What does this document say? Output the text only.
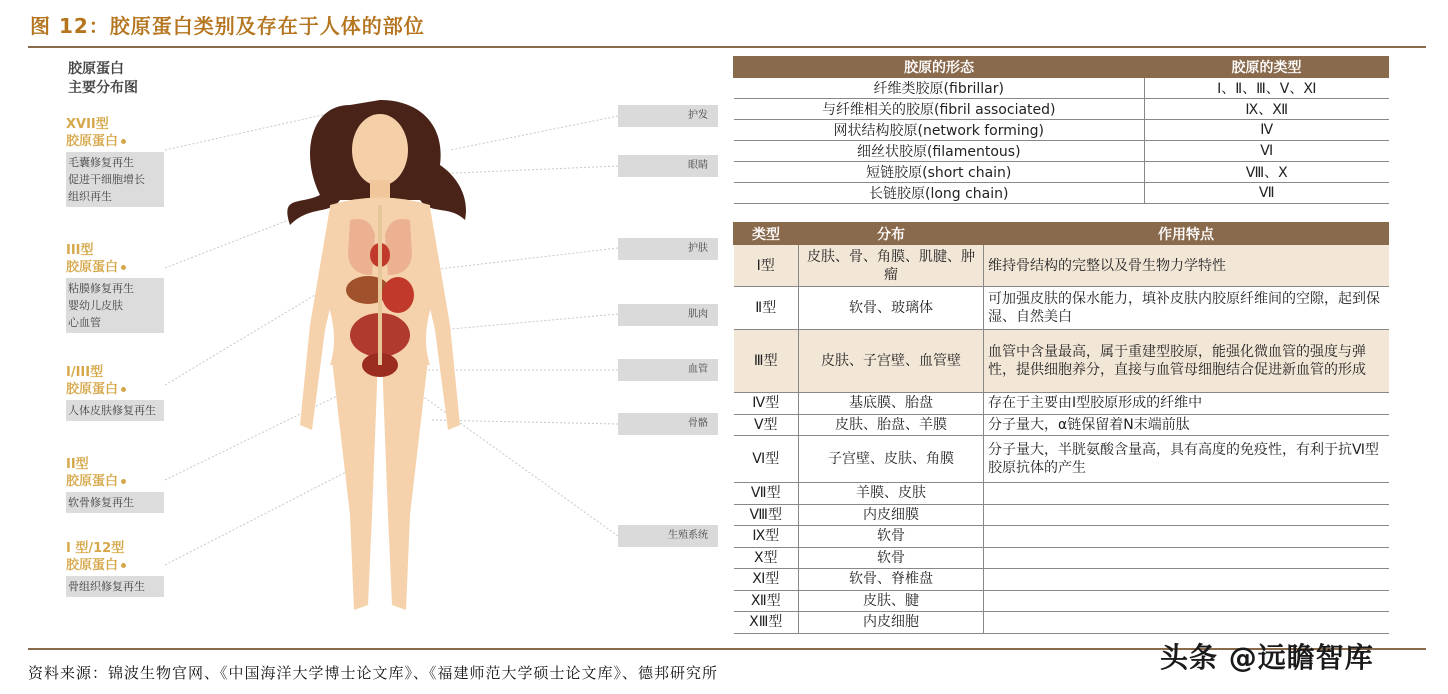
图 12：胶原蛋白类别及存在于人体的部位
胶原蛋白
主要分布图
XVII型
胶原蛋白
毛囊修复再生
促进干细胞增长
组织再生
III型
胶原蛋白
粘膜修复再生
婴幼儿皮肤
心血管
I/III型
胶原蛋白
人体皮肤修复再生
II型
胶原蛋白
软骨修复再生
I 型/12型
胶原蛋白
骨组织修复再生
护发
眼睛
护肤
肌肉
血管
骨骼
生殖系统
胶原的形态	胶原的类型
纤维类胶原(fibrillar)	Ⅰ、Ⅱ、Ⅲ、Ⅴ、Ⅺ
与纤维相关的胶原(fibril associated)	Ⅸ、Ⅻ
网状结构胶原(network forming)	Ⅳ
细丝状胶原(filamentous)	Ⅵ
短链胶原(short chain)	Ⅷ、Ⅹ
长链胶原(long chain)	Ⅶ
类型	分布	作用特点
Ⅰ型	皮肤、骨、角膜、肌腱、肿瘤	维持骨结构的完整以及骨生物力学特性
Ⅱ型	软骨、玻璃体	可加强皮肤的保水能力，填补皮肤内胶原纤维间的空隙，起到保湿、自然美白
Ⅲ型	皮肤、子宫壁、血管壁	血管中含量最高，属于重建型胶原，能强化微血管的强度与弹性，提供细胞养分，直接与血管母细胞结合促进新血管的形成
Ⅳ型	基底膜、胎盘	存在于主要由Ⅰ型胶原形成的纤维中
Ⅴ型	皮肤、胎盘、羊膜	分子量大，α链保留着N末端前肽
Ⅵ型	子宫壁、皮肤、角膜	分子量大，半胱氨酸含量高，具有高度的免疫性，有利于抗Ⅵ型胶原抗体的产生
Ⅶ型	羊膜、皮肤	
Ⅷ型	内皮细膜	
Ⅸ型	软骨	
Ⅹ型	软骨	
Ⅺ型	软骨、脊椎盘	
Ⅻ型	皮肤、腱	
XⅢ型	内皮细胞	
头条 @远瞻智库
资料来源：锦波生物官网、《中国海洋大学博士论文库》、《福建师范大学硕士论文库》、德邦研究所
